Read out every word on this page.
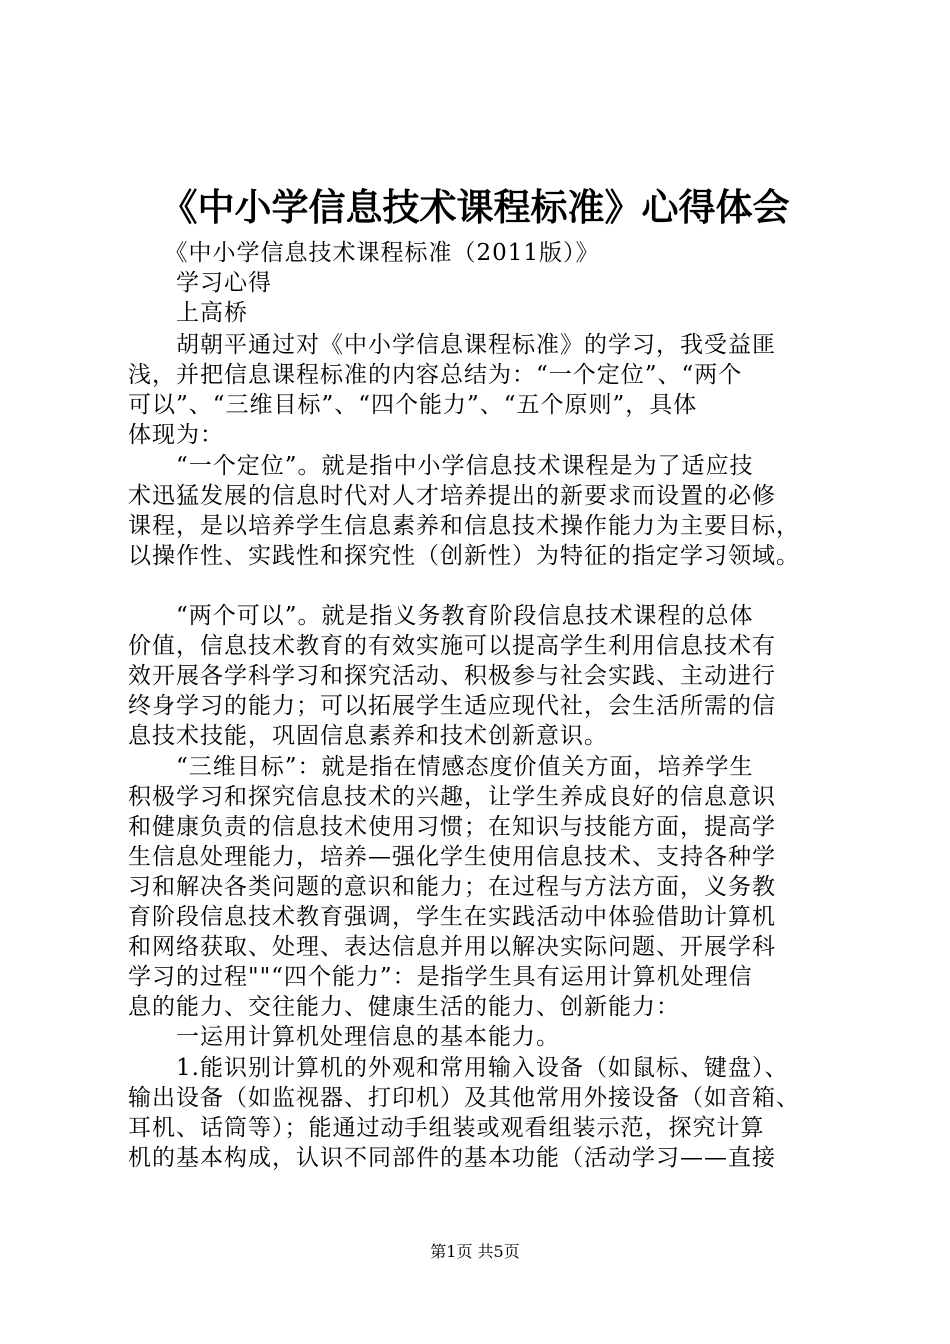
《中小学信息技术课程标准》心得体会
　　《中小学信息技术课程标准（2011版）》
　　学习心得
　　上高桥
　　胡朝平通过对《中小学信息课程标准》的学习，我受益匪
浅，并把信息课程标准的内容总结为：“一个定位”、“两个
可以”、“三维目标”、“四个能力”、“五个原则”，具体
体现为：
　　“一个定位”。就是指中小学信息技术课程是为了适应技
术迅猛发展的信息时代对人才培养提出的新要求而设置的必修
课程，是以培养学生信息素养和信息技术操作能力为主要目标，
以操作性、实践性和探究性（创新性）为特征的指定学习领域。
　　“两个可以”。就是指义务教育阶段信息技术课程的总体
价值，信息技术教育的有效实施可以提高学生利用信息技术有
效开展各学科学习和探究活动、积极参与社会实践、主动进行
终身学习的能力；可以拓展学生适应现代社，会生活所需的信
息技术技能，巩固信息素养和技术创新意识。
　　“三维目标”：就是指在情感态度价值关方面，培养学生
积极学习和探究信息技术的兴趣，让学生养成良好的信息意识
和健康负责的信息技术使用习惯；在知识与技能方面，提高学
生信息处理能力，培养—强化学生使用信息技术、支持各种学
习和解决各类问题的意识和能力；在过程与方法方面，义务教
育阶段信息技术教育强调，学生在实践活动中体验借助计算机
和网络获取、处理、表达信息并用以解决实际问题、开展学科
学习的过程""“四个能力”：是指学生具有运用计算机处理信
息的能力、交往能力、健康生活的能力、创新能力：
　　一运用计算机处理信息的基本能力。
　　1.能识别计算机的外观和常用输入设备（如鼠标、键盘）、
输出设备（如监视器、打印机）及其他常用外接设备（如音箱、
耳机、话筒等）；能通过动手组装或观看组装示范，探究计算
机的基本构成，认识不同部件的基本功能（活动学习——直接
第1页 共5页
